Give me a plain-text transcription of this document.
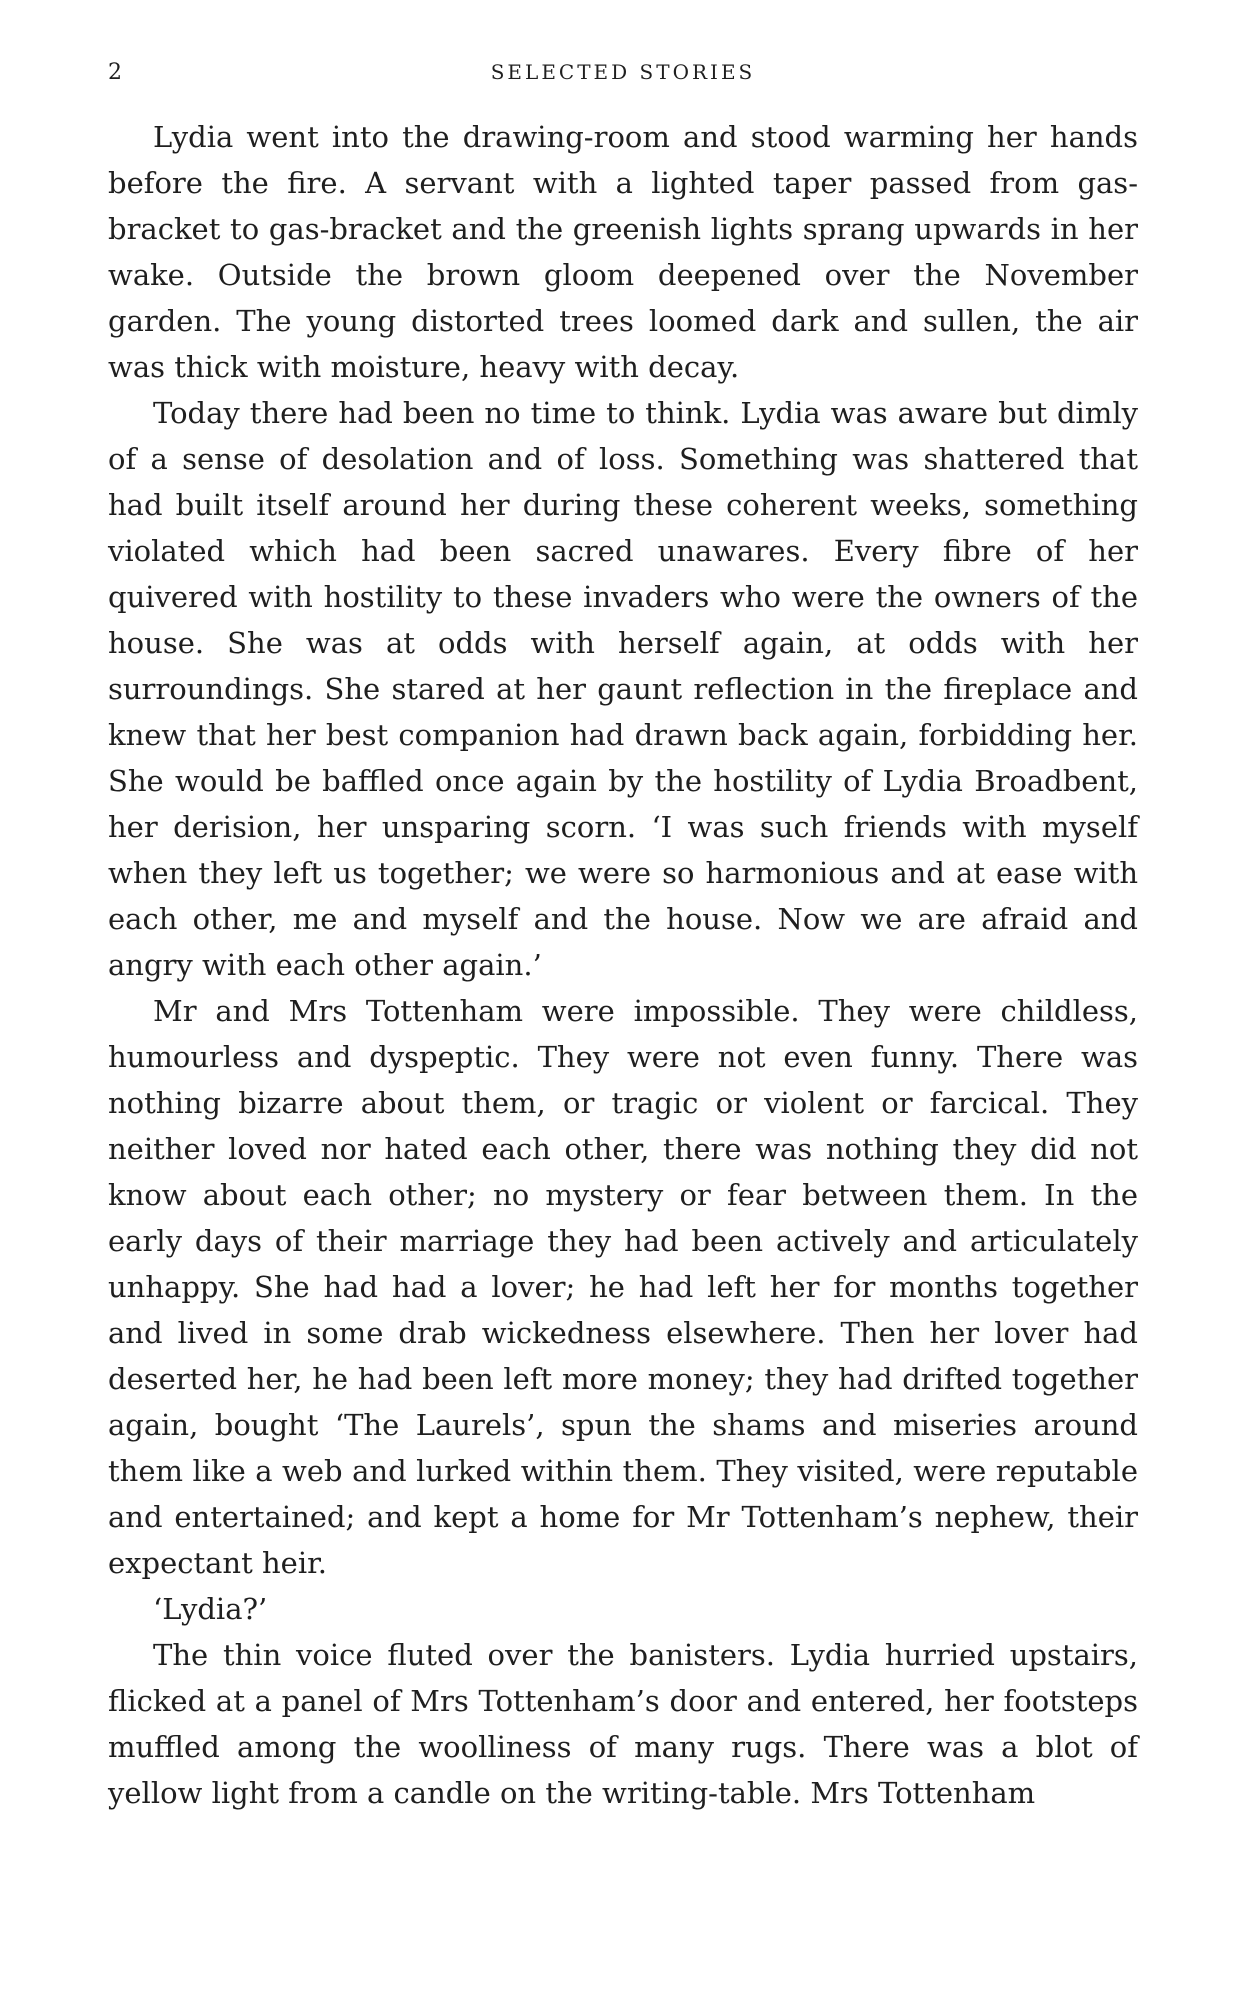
2	SELECTED STORIES

Lydia went into the drawing-room and stood warming her hands before the fire. A servant with a lighted taper passed from gas-bracket to gas-bracket and the greenish lights sprang upwards in her wake. Outside the brown gloom deepened over the November garden. The young distorted trees loomed dark and sullen, the air was thick with moisture, heavy with decay.

Today there had been no time to think. Lydia was aware but dimly of a sense of desolation and of loss. Something was shattered that had built itself around her during these coherent weeks, something violated which had been sacred unawares. Every fibre of her quivered with hostility to these invaders who were the owners of the house. She was at odds with herself again, at odds with her surroundings. She stared at her gaunt reflection in the fireplace and knew that her best companion had drawn back again, forbidding her. She would be baffled once again by the hostility of Lydia Broadbent, her derision, her unsparing scorn. ‘I was such friends with myself when they left us together; we were so harmonious and at ease with each other, me and myself and the house. Now we are afraid and angry with each other again.’

Mr and Mrs Tottenham were impossible. They were childless, humourless and dyspeptic. They were not even funny. There was nothing bizarre about them, or tragic or violent or farcical. They neither loved nor hated each other, there was nothing they did not know about each other; no mystery or fear between them. In the early days of their marriage they had been actively and articulately unhappy. She had had a lover; he had left her for months together and lived in some drab wickedness elsewhere. Then her lover had deserted her, he had been left more money; they had drifted together again, bought ‘The Laurels’, spun the shams and miseries around them like a web and lurked within them. They visited, were reputable and entertained; and kept a home for Mr Tottenham’s nephew, their expectant heir.

‘Lydia?’

The thin voice fluted over the banisters. Lydia hurried upstairs, flicked at a panel of Mrs Tottenham’s door and entered, her footsteps muffled among the woolliness of many rugs. There was a blot of yellow light from a candle on the writing-table. Mrs Tottenham
